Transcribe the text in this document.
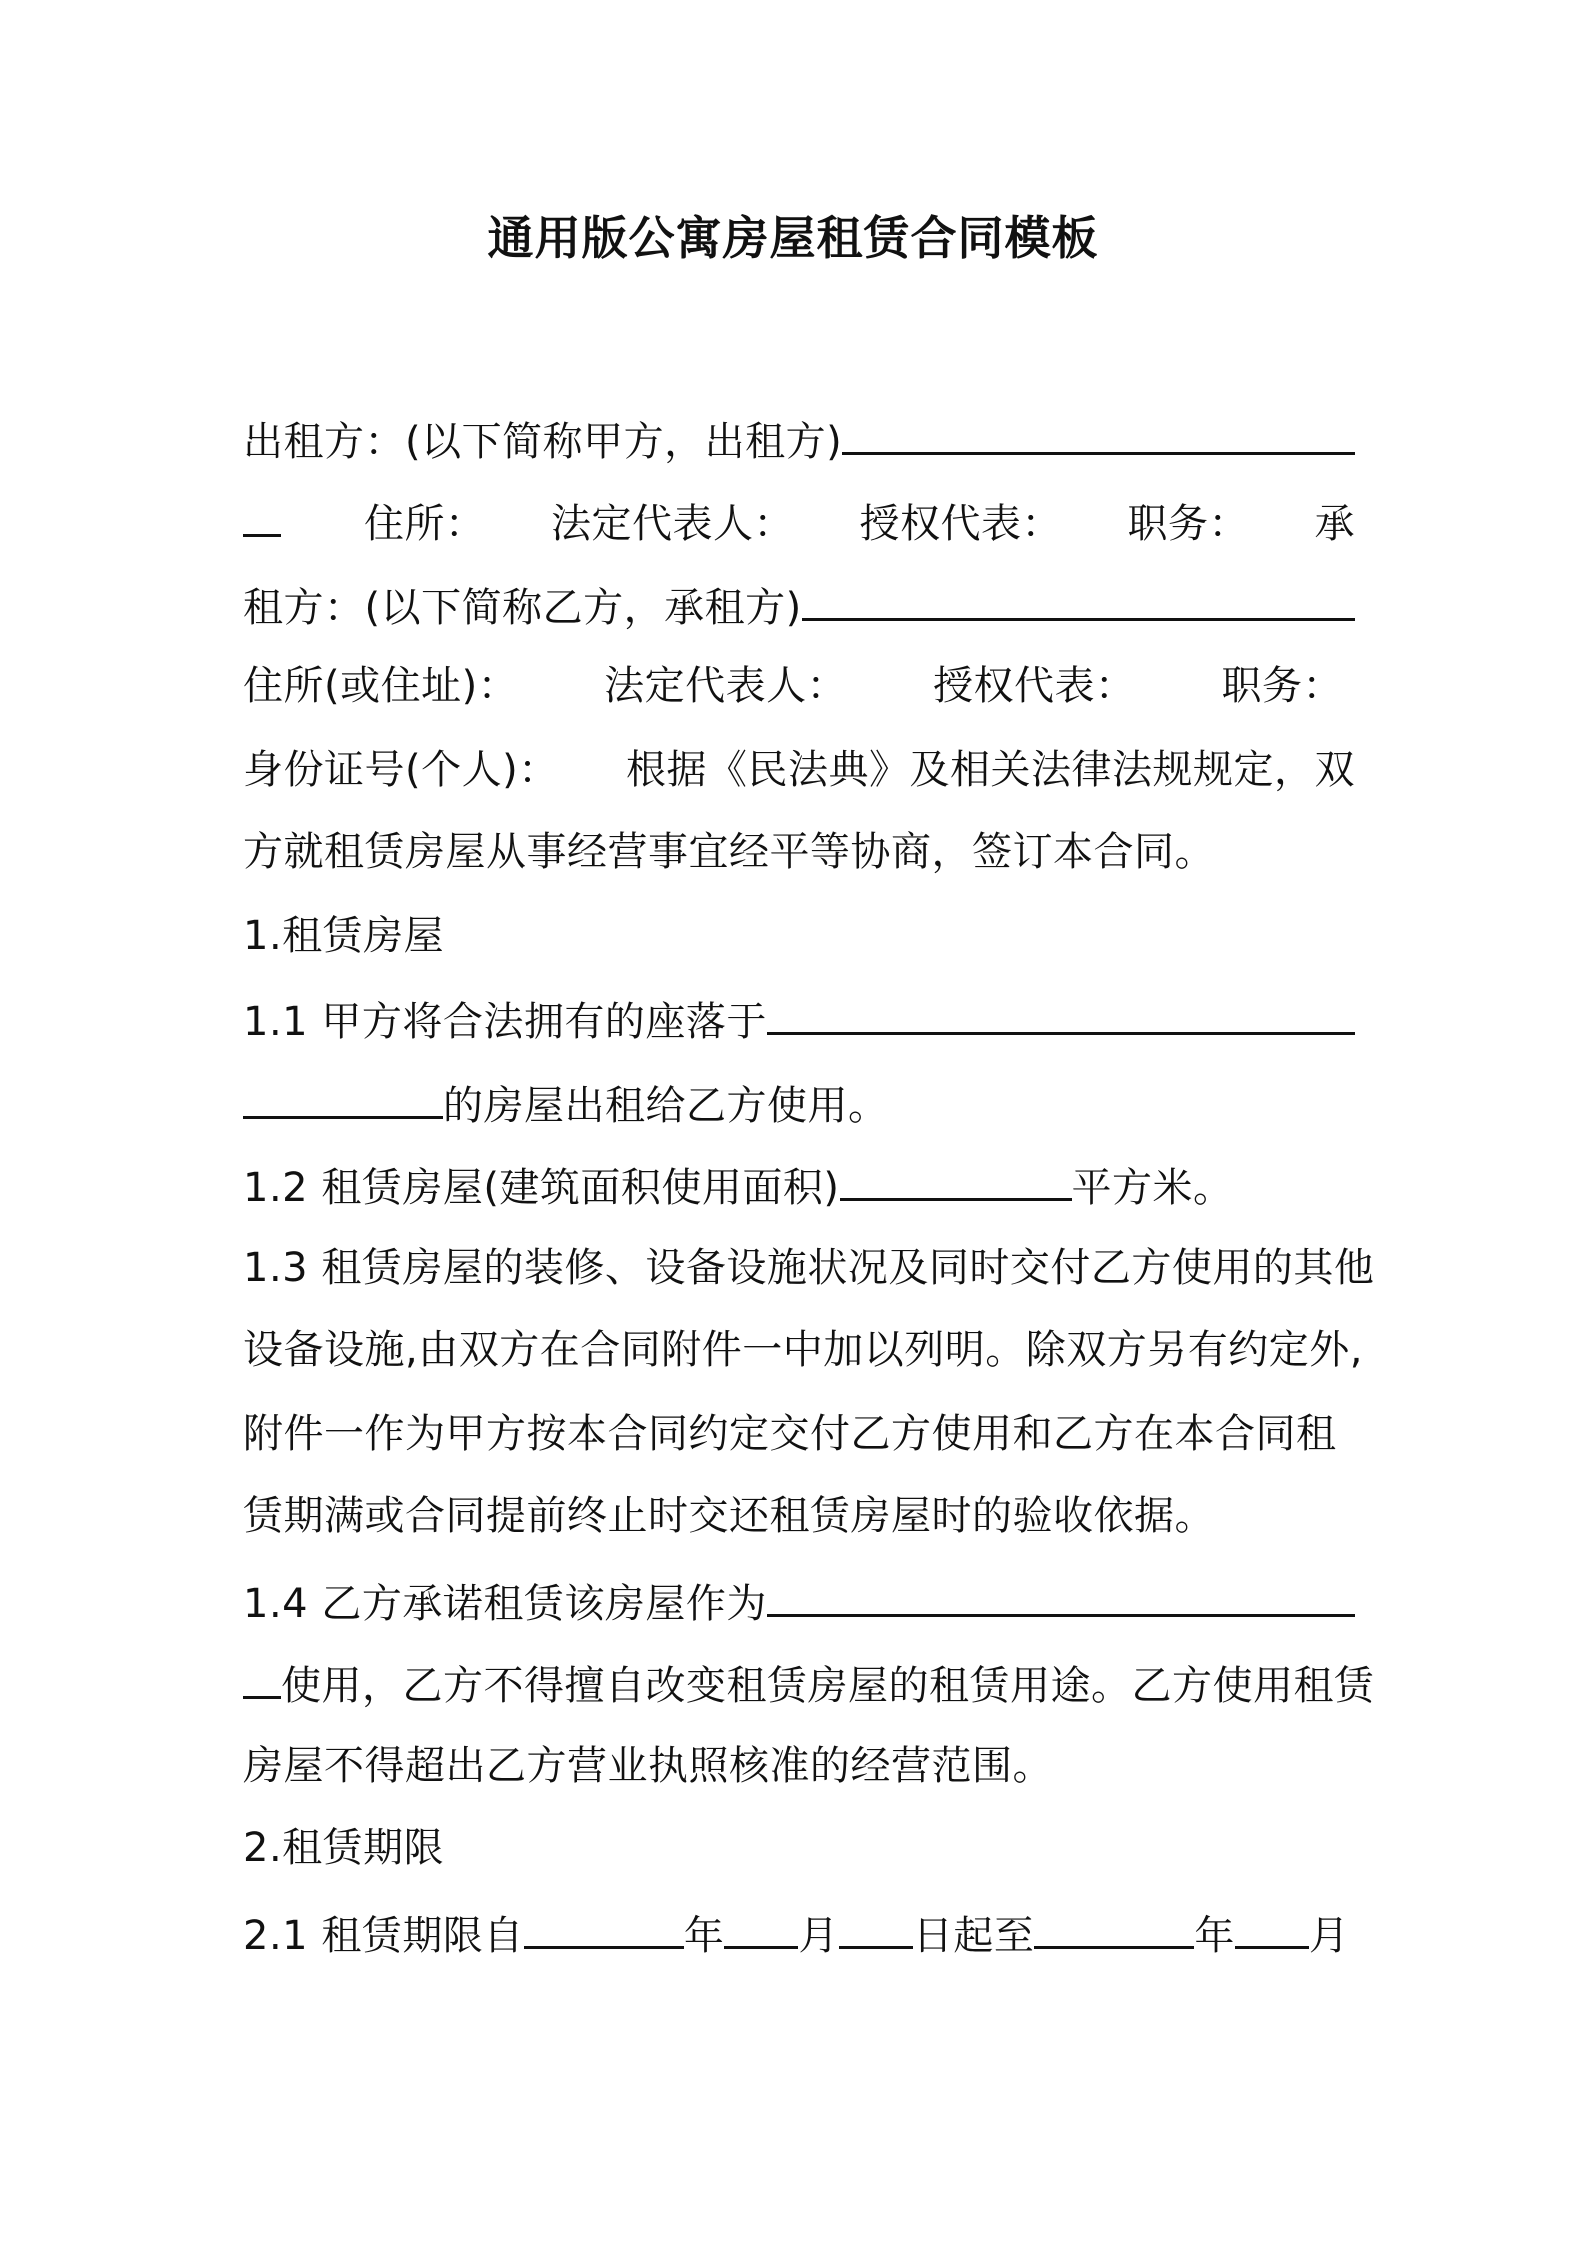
通用版公寓房屋租赁合同模板
出租方：(以下简称甲方，出租方)
住所： 法定代表人： 授权代表： 职务： 承
租方：(以下简称乙方，承租方)
住所(或住址)： 法定代表人： 授权代表： 职务：
身份证号(个人)： 根据《民法典》及相关法律法规规定，双
方就租赁房屋从事经营事宜经平等协商，签订本合同。
1.租赁房屋
1.1 甲方将合法拥有的座落于
的房屋出租给乙方使用。
1.2 租赁房屋(建筑面积使用面积)	平方米。
1.3 租赁房屋的装修、设备设施状况及同时交付乙方使用的其他
设备设施,由双方在合同附件一中加以列明。除双方另有约定外,
附件一作为甲方按本合同约定交付乙方使用和乙方在本合同租
赁期满或合同提前终止时交还租赁房屋时的验收依据。
1.4 乙方承诺租赁该房屋作为
使用，乙方不得擅自改变租赁房屋的租赁用途。乙方使用租赁
房屋不得超出乙方营业执照核准的经营范围。
2.租赁期限
2.1 租赁期限自	年 月 日起至	年 月
